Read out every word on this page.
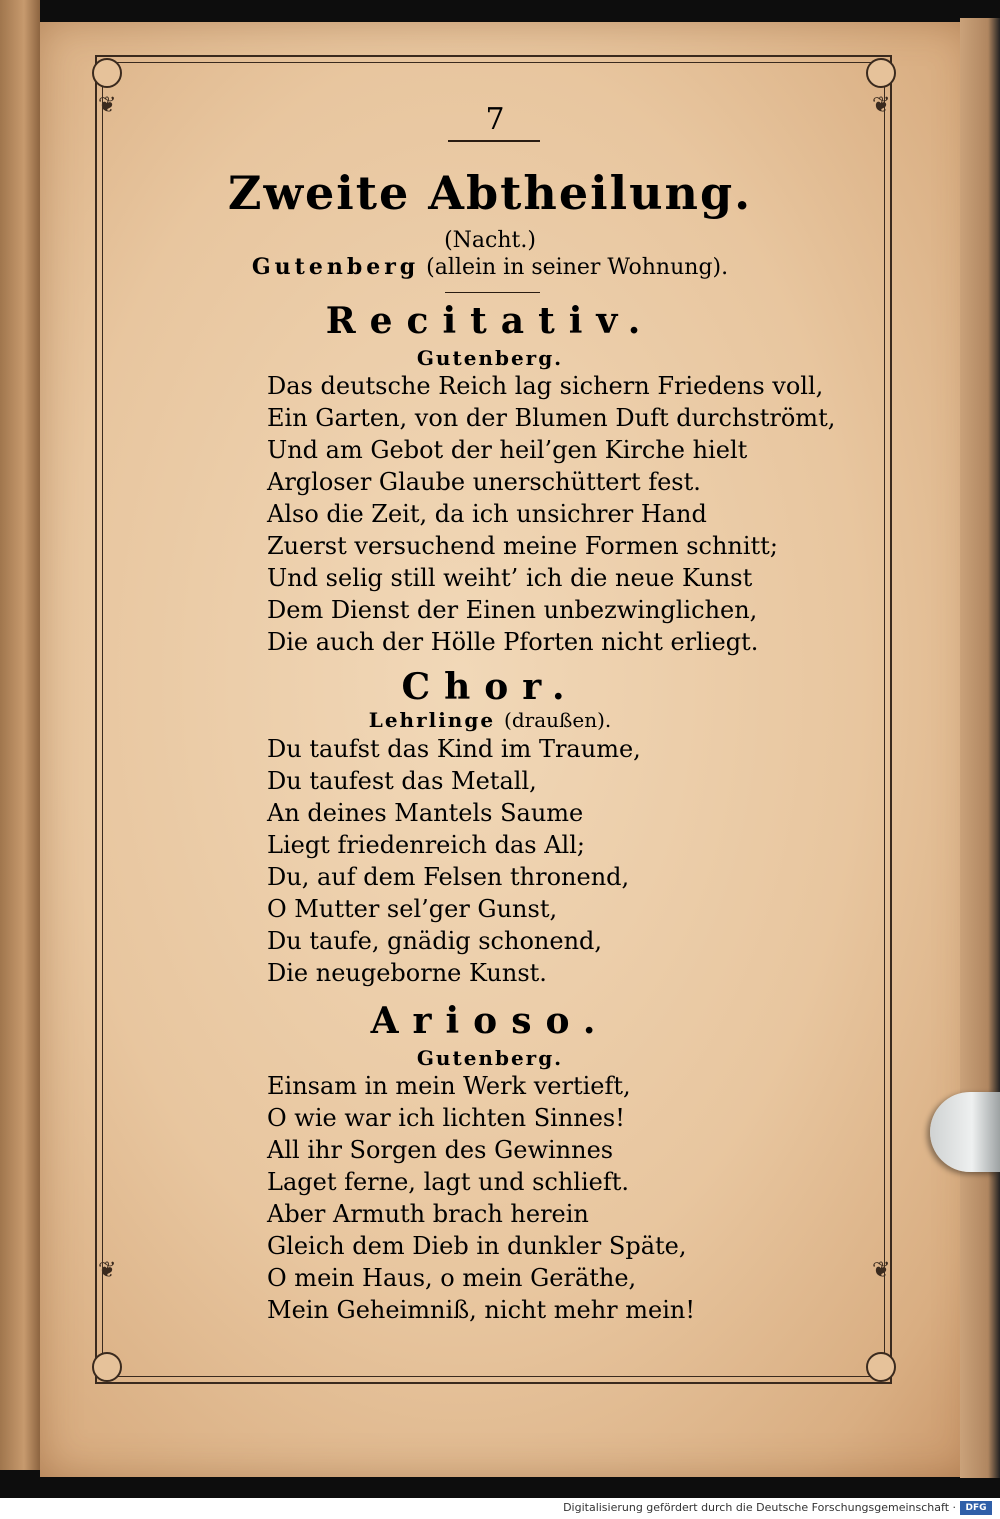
❦	❦
❦	❦
7
Zweite Abtheilung.
(Nacht.)
Gutenberg (allein in seiner Wohnung).
Recitativ.
Gutenberg.
Das deutsche Reich lag sichern Friedens voll,
Ein Garten, von der Blumen Duft durchströmt,
Und am Gebot der heil’gen Kirche hielt
Argloser Glaube unerschüttert fest.
Also die Zeit, da ich unsichrer Hand
Zuerst versuchend meine Formen schnitt;
Und selig still weiht’ ich die neue Kunst
Dem Dienst der Einen unbezwinglichen,
Die auch der Hölle Pforten nicht erliegt.
Chor.
Lehrlinge (draußen).
Du taufst das Kind im Traume,
Du taufest das Metall,
An deines Mantels Saume
Liegt friedenreich das All;
Du, auf dem Felsen thronend,
O Mutter sel’ger Gunst,
Du taufe, gnädig schonend,
Die neugeborne Kunst.
Arioso.
Gutenberg.
Einsam in mein Werk vertieft,
O wie war ich lichten Sinnes!
All ihr Sorgen des Gewinnes
Laget ferne, lagt und schlieft.
Aber Armuth brach herein
Gleich dem Dieb in dunkler Späte,
O mein Haus, o mein Geräthe,
Mein Geheimniß, nicht mehr mein!
Digitalisierung gefördert durch die Deutsche Forschungsgemeinschaft ·	DFG
